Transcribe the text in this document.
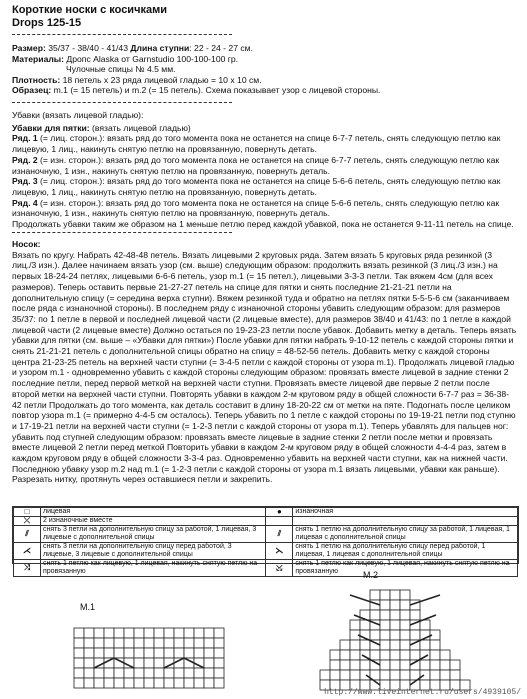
Короткие носки с косичками
Drops 125-15
Размер: 35/37 - 38/40 - 41/43 Длина ступни: 22 - 24 - 27 см.
Материалы: Дропс Alaska от Garnstudio 100-100-100 гр.
Чулочные спицы № 4.5 мм.
Плотность: 18 петель x 23 ряда лицевой гладью = 10 x 10 см.
Образец: m.1 (= 15 петель) и m.2 (= 15 петель). Схема показывает узор с лицевой стороны.
Убавки (вязать лицевой гладью):
Убавки для пятки: (вязать лицевой гладью)
Ряд. 1 (= лиц. сторон.): вязать ряд до того момента пока не останется на спице 6-7-7 петель, снять следующую петлю как лицевую, 1 лиц., накинуть снятую петлю на провязанную, повернуть детать.
Ряд. 2 (= изн. сторон.): вязать ряд до того момента пока не останется на спице 6-7-7 петель, снять следующую петлю как изнаночную, 1 изн., накинуть снятую петлю на провязанную, повернуть деталь.
Ряд. 3 (= лиц. сторон.): вязать ряд до того момента пока не останется на спице 5-6-6 петель, снять следующую петлю как лицевую, 1 лиц., накинуть снятую петлю на провязанную, повернуть детать.
Ряд. 4 (= изн. сторон.): вязать ряд до того момента пока не останется на спице 5-6-6 петель, снять следующую петлю как изнаночную, 1 изн., накинуть снятую петлю на провязанную, повернуть деталь.
Продолжать убавки таким же образом на 1 меньше петлю перед каждой убавкой, пока не останется 9-11-11 петель на спице.
Носок:

Вязать по кругу. Набрать 42-48-48 петель. Вязать лицевыми 2 круговых ряда. Затем вязать 5 круговых ряда резинкой (3 лиц./3 изн.). Далее начинаем вязать узор (см. выше) следующим образом: продолжить вязать резинкой (3 лиц./3 изн.) на первых 18-24-24 петлях, лицевыми 6-6-6 петель, узор m.1 (= 15 петел.), лицевыми 3-3-3 петли. Так вяжем 4см (для всех размеров). Теперь оставить первые 21-27-27 петель на спице для пятки и снять последние 21-21-21 петли на дополнительную спицу (= середина верха ступни). Вяжем резинкой туда и обратно на петлях пятки 5-5-5-6 см (заканчиваем после ряда с изнаночной стороны). В последнем ряду с изнаночной стороны убавить следующим образом: для размеров 35/37: по 1 петле в первой и последней лицевой части (2 лицевые вместе), для размеров 38/40 и 41/43: по 1 петле в каждой лицевой части (2 лицевые вместе) Должно остаться по 19-23-23 петли после убавок. Добавить метку в деталь. Теперь вязать убавки для пятки (см. выше – «Убавки для пятки») После убавки для пятки набрать 9-10-12 петель с каждой стороны пятки и снять 21-21-21 петель с дополнительной спицы обратно на спицу = 48-52-56 петель. Добавить метку с каждой стороны центра 21-23-25 петель на верхней части ступни (= 3-4-5 петли с каждой стороны от узора m.1). Продолжать лицевой гладью и узором m.1 - одновременно убавить с каждой стороны следующим образом: провязать вместе лицевой в задние стенки 2 последние петли, перед первой меткой на верхней части ступни. Провязать вместе лицевой две первые 2 петли после второй метки на верхней части ступни. Повторять убавки в каждом 2-м круговом ряду в общей сложности 6-7-7 раз = 36-38-42 петли Продолжать до того момента, как деталь составит в длину 18-20-22 см от метки на пяте. Подогнать после целиком повтор узора m.1 (= примерно 4-4-5 см осталось). Теперь убавить по 1 петле с каждой стороны по 19-19-21 петли под ступню и 17-19-21 петли на верхней части ступни (= 1-2-3 петли с каждой стороны от узора m.1). Теперь убавлять для пальцев ног: убавить под ступней следующим образом: провязать вместе лицевые в задние стенки 2 петли после метки и провязать вместе лицевой 2 петли перед меткой Повторить убавки в каждом 2-м круговом ряду в общей сложности 4-4-4 раз, затем в каждом круговом ряду в общей сложности 3-3-4 раз. Одновременно убавить на верхней части ступни, как на нижней части. Последнюю убавку узор m.2 над m.1 (= 1-2-3 петли с каждой стороны от узора m.1 вязать лицевыми, убавки как раньше). Разрезать нитку, протянуть через оставшиеся петли и закрепить.

□	лицевая	●	изнаночная
⤫	2 изнаночные вместе		
⫽	снять 3 петли на дополнительную спицу за работой, 1 лицевая, 3 лицевые с дополнительной спицы	⫽	снять 1 петлю на дополнительную спицу за работой, 1 лицевая, 1 лицевая с дополнительной спицы
⋌	снять 3 петли на дополнительную спицу перед работой, 3 лицевые, 3 лицевые с дополнительной спицы	⋋	снять 1 петлю на дополнительную спицу перед работой, 1 лицевая, 1 лицевая с дополнительной спицы
⤨	снять 1 петлю как лицевую, 1 лицевая, накинуть снятую петлю на провязанную	⤩	снять 1 петлю как лицевую, 1 лицевая, накинуть снятую петлю на провязанную
M.1
M.2
http://www.liveinternet.ru/users/4939105/
